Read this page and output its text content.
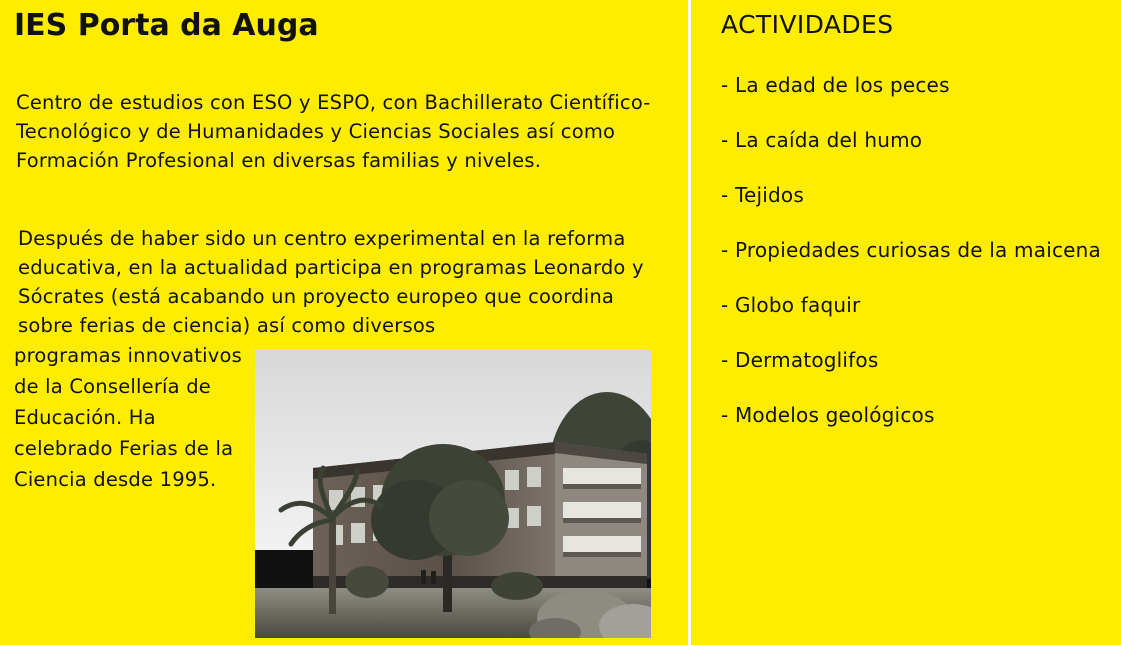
IES Porta da Auga
Centro de estudios con ESO y ESPO, con Bachillerato Científico-Tecnológico y de Humanidades y Ciencias Sociales así como Formación Profesional en diversas familias y niveles.
Después de haber sido un centro experimental en la reforma educativa, en la actualidad participa en programas Leonardo y Sócrates (está acabando un proyecto europeo que coordina sobre ferias de ciencia) así como diversos
programas innovativos de la Consellería de Educación. Ha celebrado Ferias de la Ciencia desde 1995.
ACTIVIDADES
- La edad de los peces
- La caída del humo
- Tejidos
- Propiedades curiosas de la maicena
- Globo faquir
- Dermatoglifos
- Modelos geológicos
